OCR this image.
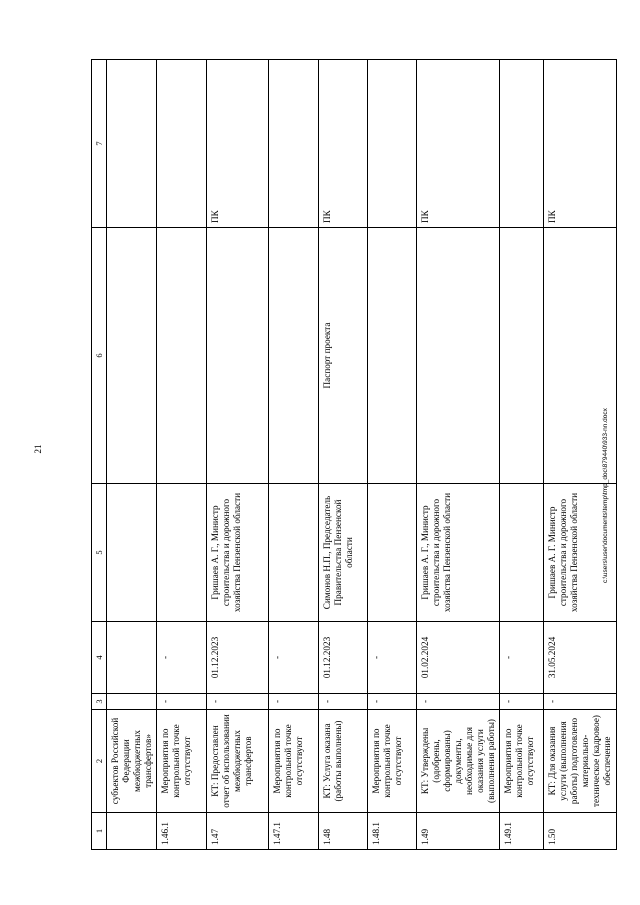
21
1	2	3	4	5	6	7
	субъектов Российской Федерации межбюджетных трансфертов»					
1.46.1	Мероприятия по контрольной точке отсутствуют	-	-			
1.47	КТ: Предоставлен отчет об использовании межбюджетных трансфертов	-	01.12.2023	Гришаев А. Г., Министр строительства и дорожного хозяйства Пензенской области		ПК
1.47.1	Мероприятия по контрольной точке отсутствуют	-	-			
1.48	КТ: Услуга оказана (работы выполнены)	-	01.12.2023	Симонов Н.П., Председатель Правительства Пензенской области	Паспорт проекта	ПК
1.48.1	Мероприятия по контрольной точке отсутствуют	-	-			
1.49	КТ: Утверждены (одобрены, сформированы) документы, необходимые для оказания услуги (выполнения работы)	-	01.02.2024	Гришаев А. Г., Министр строительства и дорожного хозяйства Пензенской области		ПК
1.49.1	Мероприятия по контрольной точке отсутствуют	-	-			
1.50	КТ: Для оказания услуги (выполнения работы) подготовлено материально-техническое (кадровое) обеспечение	-	31.05.2024	Гришаев А. Г. Министр строительства и дорожного хозяйства Пензенской области		ПК
c:\users\user\documents\temp\tmp_doc\879440\933-nn.docx
